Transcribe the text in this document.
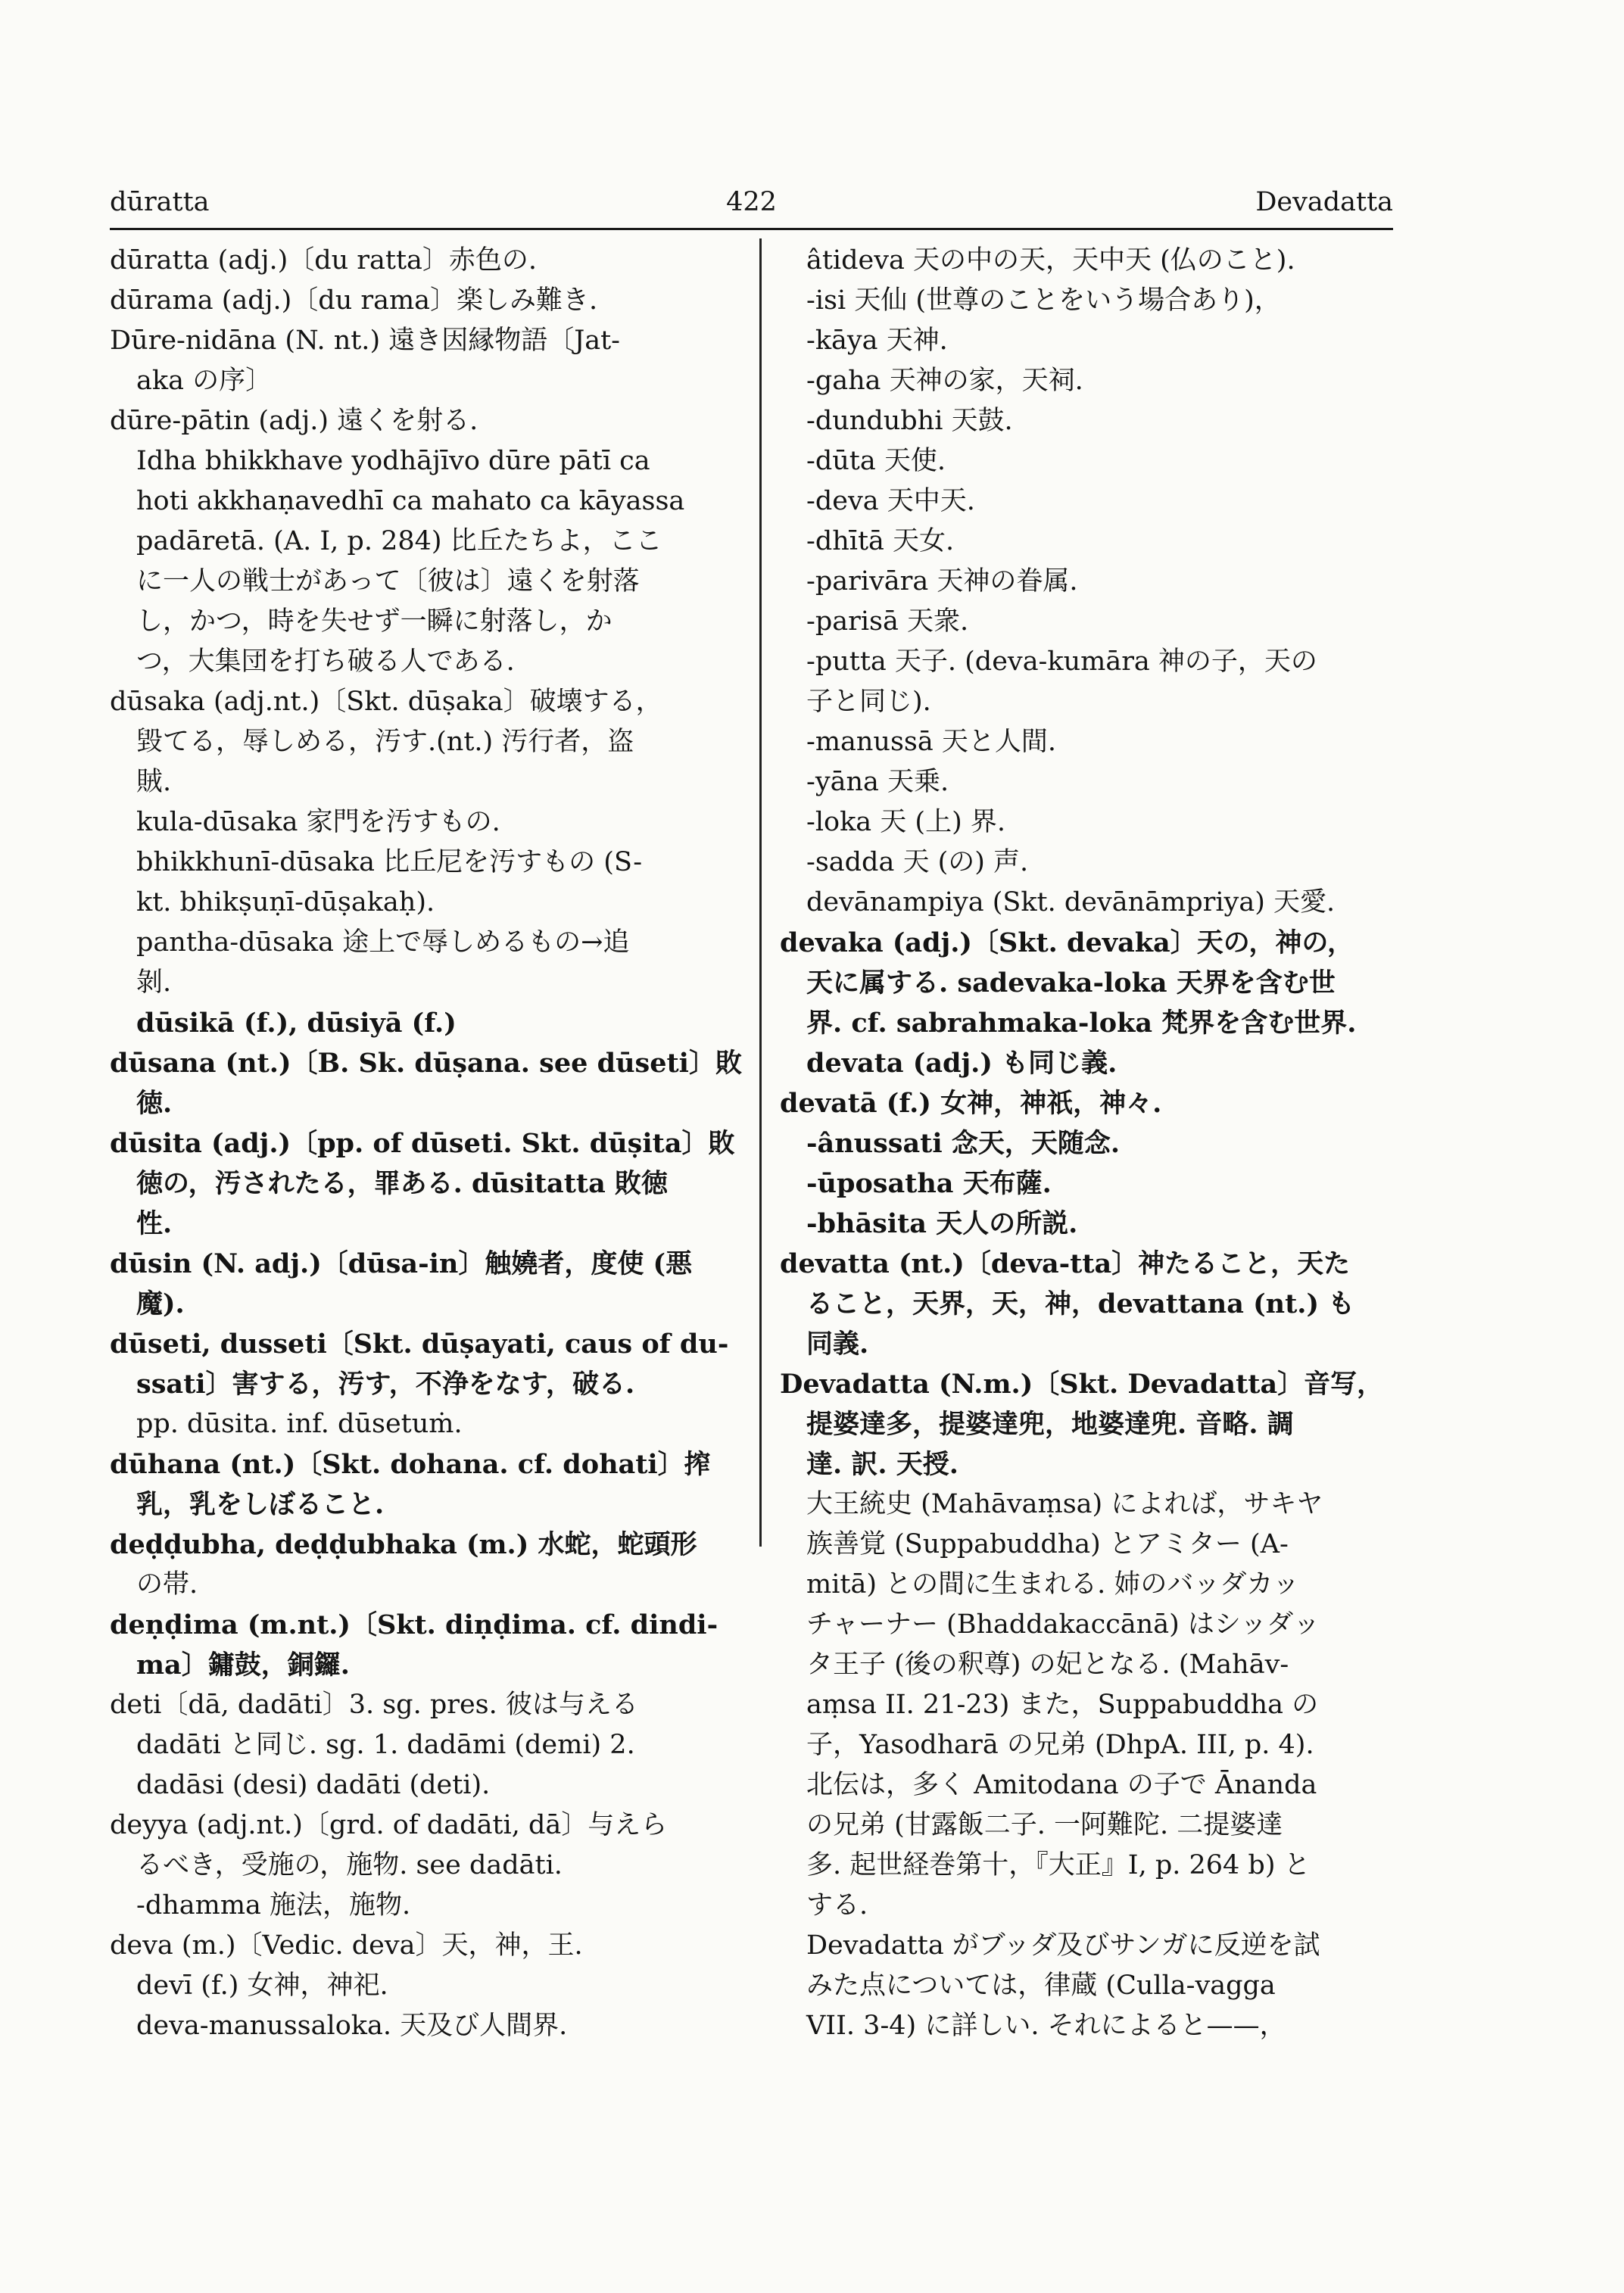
dūratta	422	Devadatta
dūratta (adj.)〔du ratta〕赤色の.
dūrama (adj.)〔du rama〕楽しみ難き.
Dūre-nidāna (N. nt.) 遠き因縁物語〔Jat-
aka の序〕
dūre-pātin (adj.) 遠くを射る.
Idha bhikkhave yodhājīvo dūre pātī ca
hoti akkhaṇavedhī ca mahato ca kāyassa
padāretā. (A. I, p. 284) 比丘たちよ，ここ
に一人の戦士があって〔彼は〕遠くを射落
し，かつ，時を失せず一瞬に射落し，か
つ，大集団を打ち破る人である.
dūsaka (adj.nt.)〔Skt. dūṣaka〕破壊する，
毀てる，辱しめる，汚す.(nt.) 汚行者，盗
賊.
kula-dūsaka 家門を汚すもの.
bhikkhunī-dūsaka 比丘尼を汚すもの (S-
kt. bhikṣuṇī-dūṣakaḥ).
pantha-dūsaka 途上で辱しめるもの→追
剝.
dūsikā (f.), dūsiyā (f.)
dūsana (nt.)〔B. Sk. dūṣana. see dūseti〕敗
徳.
dūsita (adj.)〔pp. of dūseti. Skt. dūṣita〕敗
徳の，汚されたる，罪ある. dūsitatta 敗徳
性.
dūsin (N. adj.)〔dūsa-in〕触嬈者，度使 (悪
魔).
dūseti, dusseti〔Skt. dūṣayati, caus of du-
ssati〕害する，汚す，不浄をなす，破る.
pp. dūsita. inf. dūsetuṁ.
dūhana (nt.)〔Skt. dohana. cf. dohati〕搾
乳，乳をしぼること.
deḍḍubha, deḍḍubhaka (m.) 水蛇，蛇頭形
の帯.
deṇḍima (m.nt.)〔Skt. diṇḍima. cf. dindi-
ma〕鏞鼓，銅鑼.
deti〔dā, dadāti〕3. sg. pres. 彼は与える
dadāti と同じ. sg. 1. dadāmi (demi) 2.
dadāsi (desi) dadāti (deti).
deyya (adj.nt.)〔grd. of dadāti, dā〕与えら
るべき，受施の，施物. see dadāti.
-dhamma 施法，施物.
deva (m.)〔Vedic. deva〕天，神，王.
devī (f.) 女神，神祀.
deva-manussaloka. 天及び人間界.
âtideva 天の中の天，天中天 (仏のこと).
-isi 天仙 (世尊のことをいう場合あり)，
-kāya 天神.
-gaha 天神の家，天祠.
-dundubhi 天鼓.
-dūta 天使.
-deva 天中天.
-dhītā 天女.
-parivāra 天神の眷属.
-parisā 天衆.
-putta 天子. (deva-kumāra 神の子，天の
子と同じ).
-manussā 天と人間.
-yāna 天乗.
-loka 天 (上) 界.
-sadda 天 (の) 声.
devānampiya (Skt. devānāmpriya) 天愛.
devaka (adj.)〔Skt. devaka〕天の，神の，
天に属する. sadevaka-loka 天界を含む世
界. cf. sabrahmaka-loka 梵界を含む世界.
devata (adj.) も同じ義.
devatā (f.) 女神，神祇，神々.
-ânussati 念天，天随念.
-ūposatha 天布薩.
-bhāsita 天人の所説.
devatta (nt.)〔deva-tta〕神たること，天た
ること，天界，天，神，devattana (nt.) も
同義.
Devadatta (N.m.)〔Skt. Devadatta〕音写，
提婆達多，提婆達兜，地婆達兜. 音略. 調
達. 訳. 天授.
大王統史 (Mahāvaṃsa) によれば，サキヤ
族善覚 (Suppabuddha) とアミター (A-
mitā) との間に生まれる. 姉のバッダカッ
チャーナー (Bhaddakaccānā) はシッダッ
タ王子 (後の釈尊) の妃となる. (Mahāv-
aṃsa II. 21-23) また，Suppabuddha の
子，Yasodharā の兄弟 (DhpA. III, p. 4).
北伝は，多く Amitodana の子で Ānanda
の兄弟 (甘露飯二子. 一阿難陀. 二提婆達
多. 起世経巻第十，『大正』I, p. 264 b) と
する.
Devadatta がブッダ及びサンガに反逆を試
みた点については，律蔵 (Culla-vagga
VII. 3-4) に詳しい. それによると——，
